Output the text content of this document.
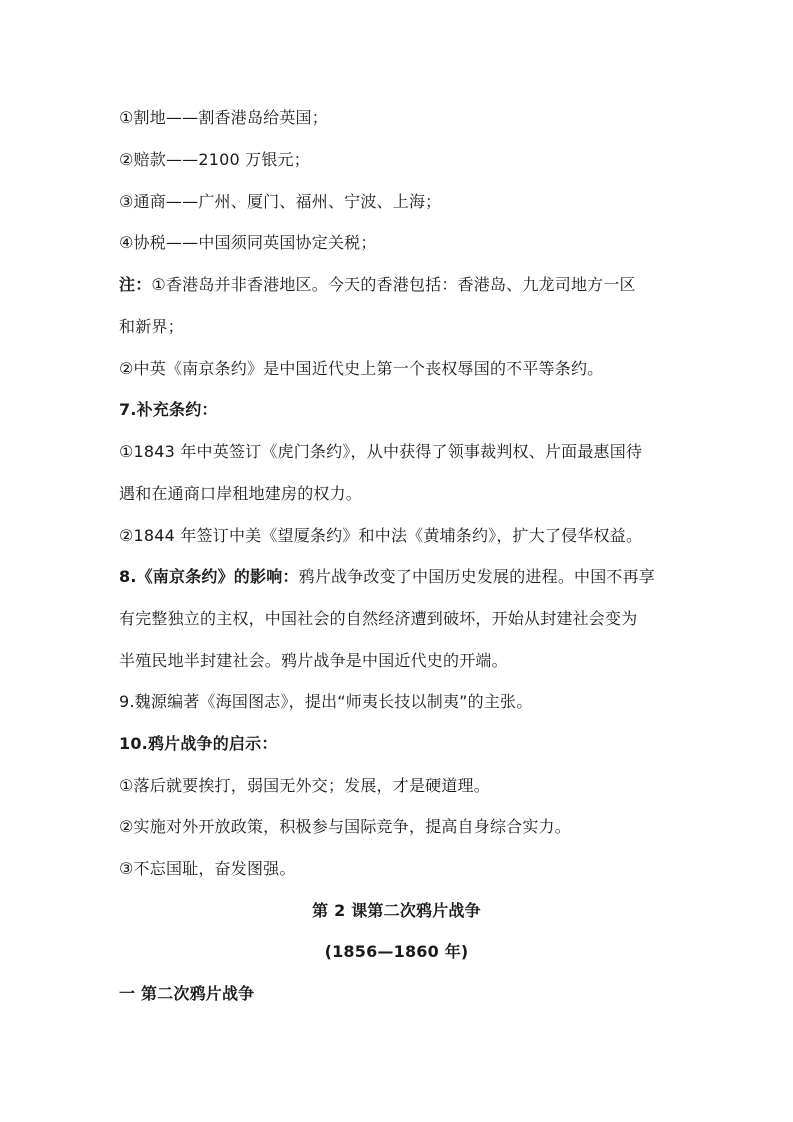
①割地——割香港岛给英国；
②赔款——2100 万银元；
③通商——广州、厦门、福州、宁波、上海；
④协税——中国须同英国协定关税；
注：①香港岛并非香港地区。今天的香港包括：香港岛、九龙司地方一区
和新界；
②中英《南京条约》是中国近代史上第一个丧权辱国的不平等条约。
7.补充条约：
①1843 年中英签订《虎门条约》，从中获得了领事裁判权、片面最惠国待
遇和在通商口岸租地建房的权力。
②1844 年签订中美《望厦条约》和中法《黄埔条约》，扩大了侵华权益。
8.《南京条约》的影响：鸦片战争改变了中国历史发展的进程。中国不再享
有完整独立的主权，中国社会的自然经济遭到破坏，开始从封建社会变为
半殖民地半封建社会。鸦片战争是中国近代史的开端。
9.魏源编著《海国图志》，提出“师夷长技以制夷”的主张。
10.鸦片战争的启示：
①落后就要挨打，弱国无外交；发展，才是硬道理。
②实施对外开放政策，积极参与国际竞争，提高自身综合实力。
③不忘国耻，奋发图强。
第 2 课第二次鸦片战争
(1856—1860 年)
一 第二次鸦片战争
